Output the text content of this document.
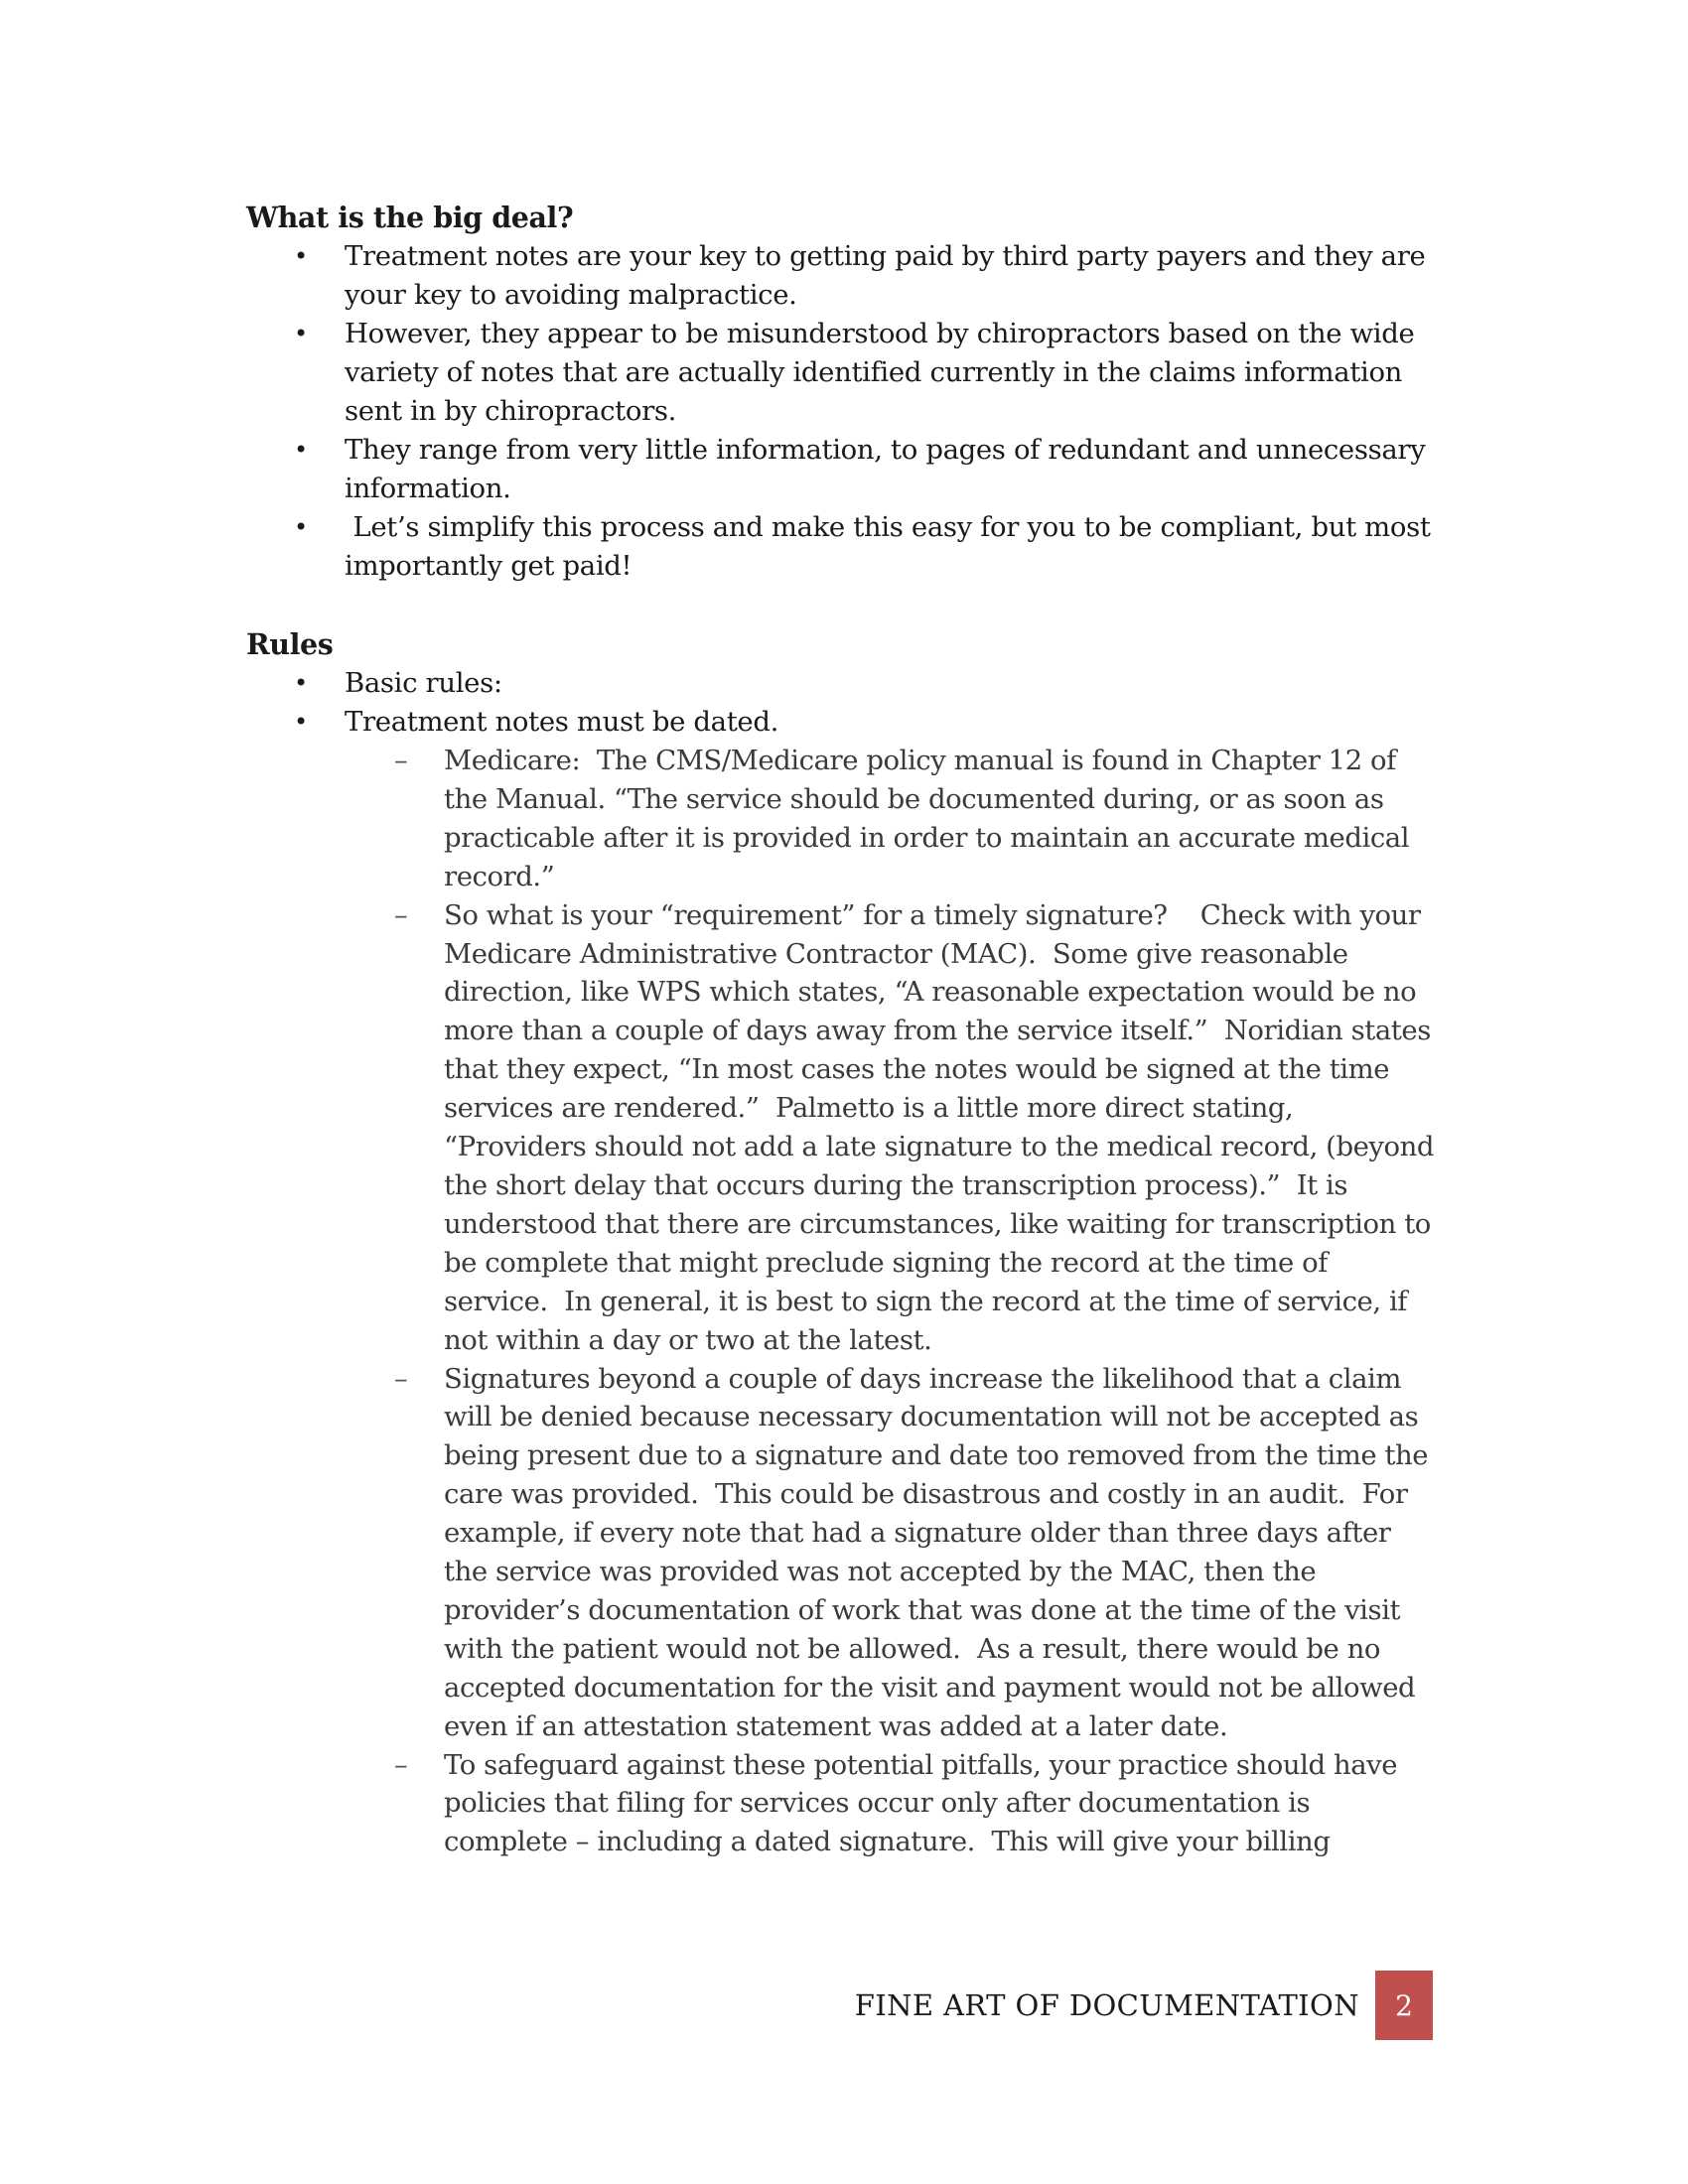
What is the big deal?
• Treatment notes are your key to getting paid by third party payers and they are your key to avoiding malpractice.
• However, they appear to be misunderstood by chiropractors based on the wide variety of notes that are actually identified currently in the claims information sent in by chiropractors.
• They range from very little information, to pages of redundant and unnecessary information.
• Let’s simplify this process and make this easy for you to be compliant, but most importantly get paid!
Rules
• Basic rules:
• Treatment notes must be dated.
– Medicare:  The CMS/Medicare policy manual is found in Chapter 12 of the Manual. “The service should be documented during, or as soon as practicable after it is provided in order to maintain an accurate medical record.”
– So what is your “requirement” for a timely signature?    Check with your Medicare Administrative Contractor (MAC).  Some give reasonable direction, like WPS which states, “A reasonable expectation would be no more than a couple of days away from the service itself.”  Noridian states that they expect, “In most cases the notes would be signed at the time services are rendered.”  Palmetto is a little more direct stating, “Providers should not add a late signature to the medical record, (beyond the short delay that occurs during the transcription process).”  It is understood that there are circumstances, like waiting for transcription to be complete that might preclude signing the record at the time of service.  In general, it is best to sign the record at the time of service, if not within a day or two at the latest.
– Signatures beyond a couple of days increase the likelihood that a claim will be denied because necessary documentation will not be accepted as being present due to a signature and date too removed from the time the care was provided.  This could be disastrous and costly in an audit.  For example, if every note that had a signature older than three days after the service was provided was not accepted by the MAC, then the provider’s documentation of work that was done at the time of the visit with the patient would not be allowed.  As a result, there would be no accepted documentation for the visit and payment would not be allowed even if an attestation statement was added at a later date.
– To safeguard against these potential pitfalls, your practice should have policies that filing for services occur only after documentation is complete – including a dated signature.  This will give your billing
FINE ART OF DOCUMENTATION	2
